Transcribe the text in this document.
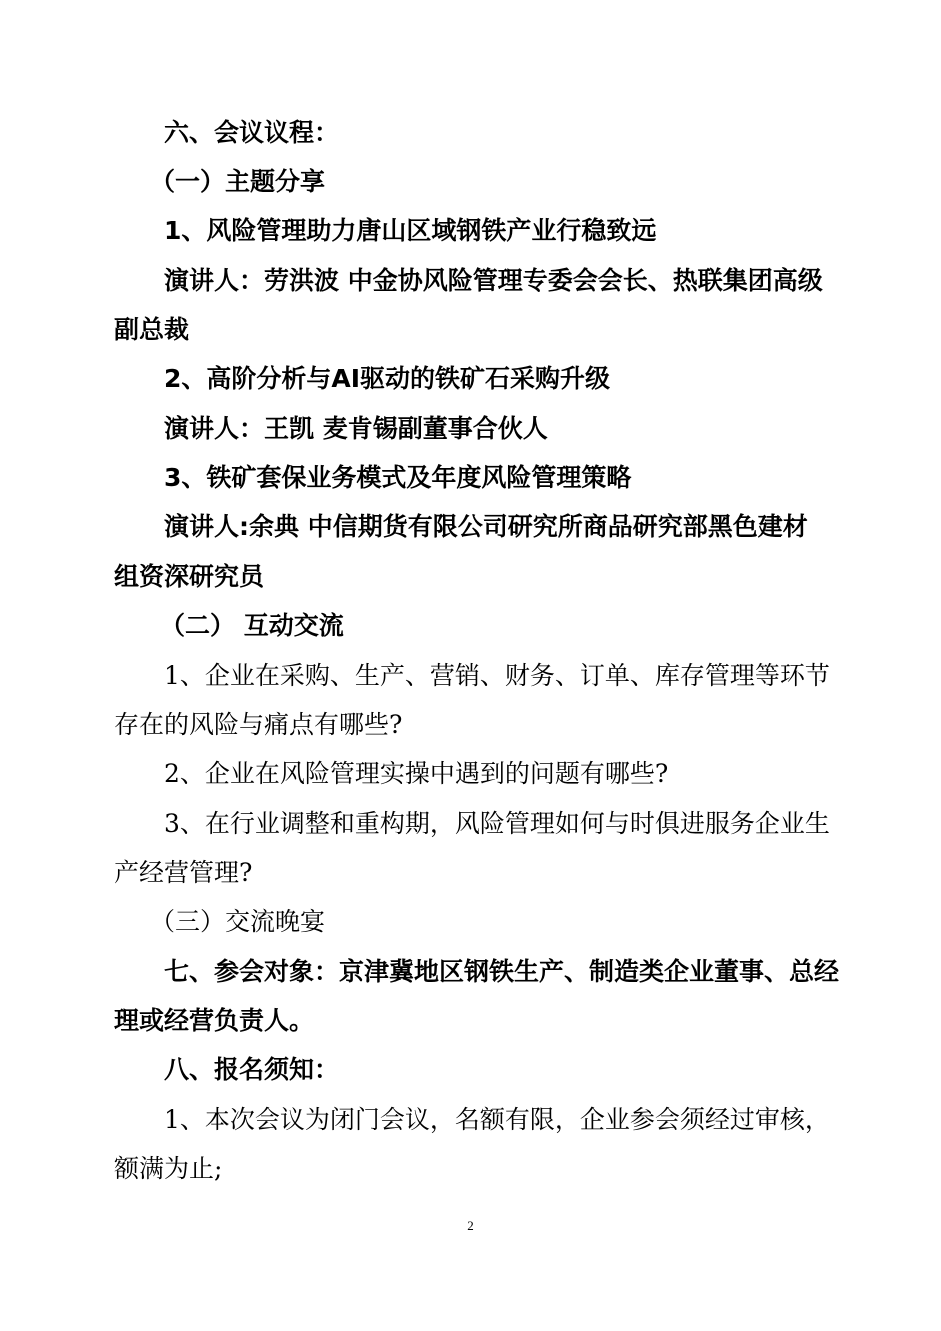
六、会议议程：
（一）主题分享
1、风险管理助力唐山区域钢铁产业行稳致远
演讲人：劳洪波 中金协风险管理专委会会长、热联集团高级
副总裁
2、高阶分析与AI驱动的铁矿石采购升级
演讲人：王凯 麦肯锡副董事合伙人
3、铁矿套保业务模式及年度风险管理策略
演讲人:余典 中信期货有限公司研究所商品研究部黑色建材
组资深研究员
（二） 互动交流
1、企业在采购、生产、营销、财务、订单、库存管理等环节
存在的风险与痛点有哪些?
2、企业在风险管理实操中遇到的问题有哪些?
3、在行业调整和重构期，风险管理如何与时俱进服务企业生
产经营管理?
（三）交流晚宴
七、参会对象：京津冀地区钢铁生产、制造类企业董事、总经
理或经营负责人。
八、报名须知：
1、本次会议为闭门会议，名额有限，企业参会须经过审核，
额满为止;
2
